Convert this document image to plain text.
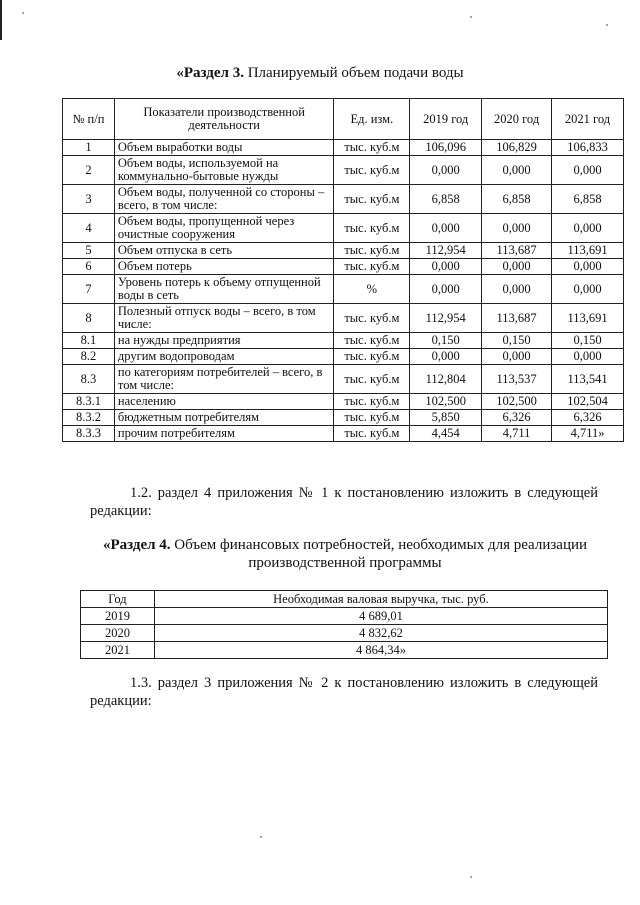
«Раздел 3. Планируемый объем подачи воды
№ п/п	Показатели производственной деятельности	Ед. изм.	2019 год	2020 год	2021 год
1	Объем выработки воды	тыс. куб.м	106,096	106,829	106,833
2	Объем воды, используемой на коммунально-бытовые нужды	тыс. куб.м	0,000	0,000	0,000
3	Объем воды, полученной со стороны – всего, в том числе:	тыс. куб.м	6,858	6,858	6,858
4	Объем воды, пропущенной через очистные сооружения	тыс. куб.м	0,000	0,000	0,000
5	Объем отпуска в сеть	тыс. куб.м	112,954	113,687	113,691
6	Объем потерь	тыс. куб.м	0,000	0,000	0,000
7	Уровень потерь к объему отпущенной воды в сеть	%	0,000	0,000	0,000
8	Полезный отпуск воды – всего, в том числе:	тыс. куб.м	112,954	113,687	113,691
8.1	на нужды предприятия	тыс. куб.м	0,150	0,150	0,150
8.2	другим водопроводам	тыс. куб.м	0,000	0,000	0,000
8.3	по категориям потребителей – всего, в том числе:	тыс. куб.м	112,804	113,537	113,541
8.3.1	населению	тыс. куб.м	102,500	102,500	102,504
8.3.2	бюджетным потребителям	тыс. куб.м	5,850	6,326	6,326
8.3.3	прочим потребителям	тыс. куб.м	4,454	4,711	4,711»
1.2. раздел 4 приложения № 1 к постановлению изложить в следующей редакции:
«Раздел 4. Объем финансовых потребностей, необходимых для реализации производственной программы
Год	Необходимая валовая выручка, тыс. руб.
2019	4 689,01
2020	4 832,62
2021	4 864,34»
1.3. раздел 3 приложения № 2 к постановлению изложить в следующей редакции:
